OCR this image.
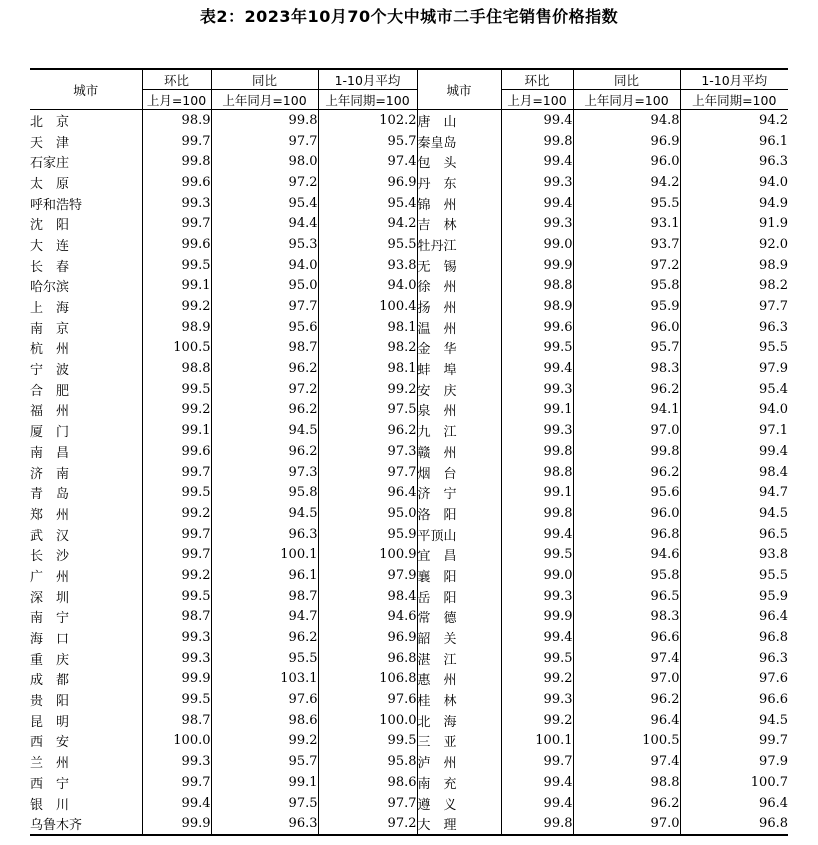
表2：2023年10月70个大中城市二手住宅销售价格指数
城市	环比	同比	1-10月平均	城市	环比	同比	1-10月平均
	上月=100	上年同月=100	上年同期=100		上月=100	上年同月=100	上年同期=100
北　京	98.9	99.8	102.2	唐　山	99.4	94.8	94.2
天　津	99.7	97.7	95.7	秦皇岛	99.8	96.9	96.1
石家庄	99.8	98.0	97.4	包　头	99.4	96.0	96.3
太　原	99.6	97.2	96.9	丹　东	99.3	94.2	94.0
呼和浩特	99.3	95.4	95.4	锦　州	99.4	95.5	94.9
沈　阳	99.7	94.4	94.2	吉　林	99.3	93.1	91.9
大　连	99.6	95.3	95.5	牡丹江	99.0	93.7	92.0
长　春	99.5	94.0	93.8	无　锡	99.9	97.2	98.9
哈尔滨	99.1	95.0	94.0	徐　州	98.8	95.8	98.2
上　海	99.2	97.7	100.4	扬　州	98.9	95.9	97.7
南　京	98.9	95.6	98.1	温　州	99.6	96.0	96.3
杭　州	100.5	98.7	98.2	金　华	99.5	95.7	95.5
宁　波	98.8	96.2	98.1	蚌　埠	99.4	98.3	97.9
合　肥	99.5	97.2	99.2	安　庆	99.3	96.2	95.4
福　州	99.2	96.2	97.5	泉　州	99.1	94.1	94.0
厦　门	99.1	94.5	96.2	九　江	99.3	97.0	97.1
南　昌	99.6	96.2	97.3	赣　州	99.8	99.8	99.4
济　南	99.7	97.3	97.7	烟　台	98.8	96.2	98.4
青　岛	99.5	95.8	96.4	济　宁	99.1	95.6	94.7
郑　州	99.2	94.5	95.0	洛　阳	99.8	96.0	94.5
武　汉	99.7	96.3	95.9	平顶山	99.4	96.8	96.5
长　沙	99.7	100.1	100.9	宜　昌	99.5	94.6	93.8
广　州	99.2	96.1	97.9	襄　阳	99.0	95.8	95.5
深　圳	99.5	98.7	98.4	岳　阳	99.3	96.5	95.9
南　宁	98.7	94.7	94.6	常　德	99.9	98.3	96.4
海　口	99.3	96.2	96.9	韶　关	99.4	96.6	96.8
重　庆	99.3	95.5	96.8	湛　江	99.5	97.4	96.3
成　都	99.9	103.1	106.8	惠　州	99.2	97.0	97.6
贵　阳	99.5	97.6	97.6	桂　林	99.3	96.2	96.6
昆　明	98.7	98.6	100.0	北　海	99.2	96.4	94.5
西　安	100.0	99.2	99.5	三　亚	100.1	100.5	99.7
兰　州	99.3	95.7	95.8	泸　州	99.7	97.4	97.9
西　宁	99.7	99.1	98.6	南　充	99.4	98.8	100.7
银　川	99.4	97.5	97.7	遵　义	99.4	96.2	96.4
乌鲁木齐	99.9	96.3	97.2	大　理	99.8	97.0	96.8
